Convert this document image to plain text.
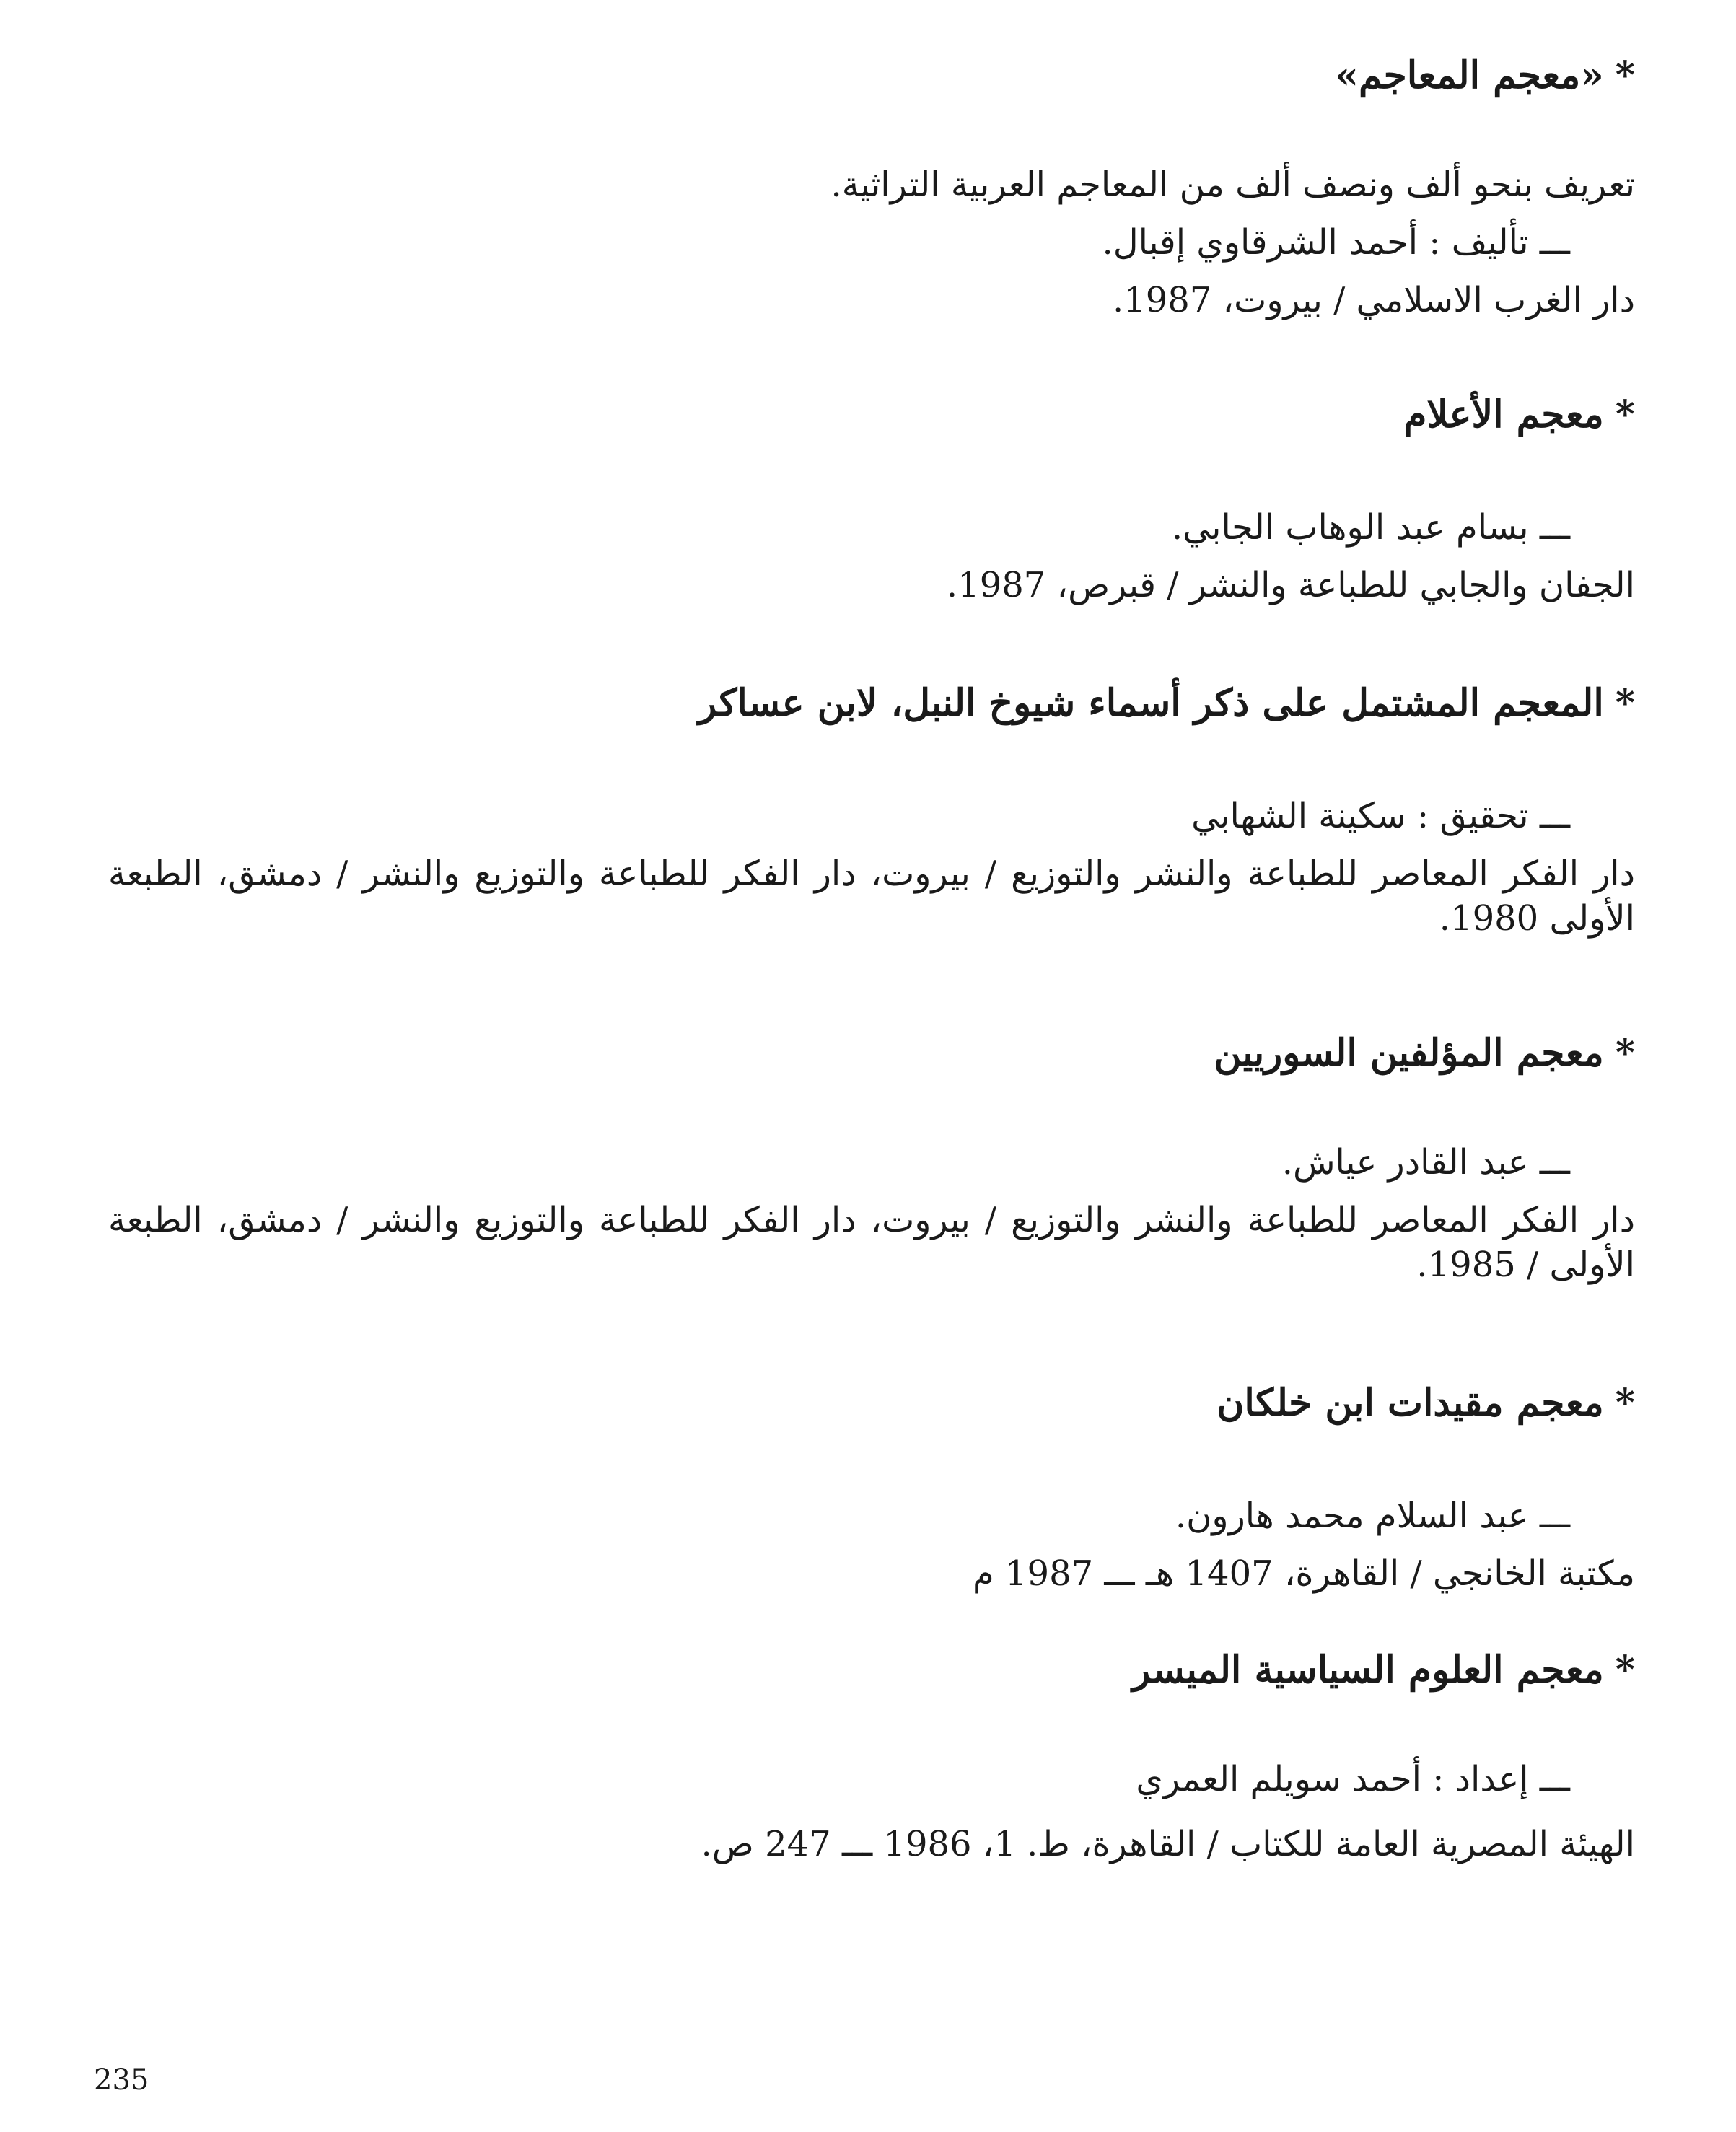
*«معجم المعاجم»
تعريف بنحو ألف ونصف ألف من المعاجم العربية التراثية.
ـــ تأليف : أحمد الشرقاوي إقبال.
دار الغرب الاسلامي / بيروت، 1987.
*معجم الأعلام
ـــ بسام عبد الوهاب الجابي.
الجفان والجابي للطباعة والنشر / قبرص، 1987.
*المعجم المشتمل على ذكر أسماء شيوخ النبل، لابن عساكر
ـــ تحقيق : سكينة الشهابي
دار الفكر المعاصر للطباعة والنشر والتوزيع / بيروت، دار الفكر للطباعة والتوزيع والنشر / دمشق، الطبعة الأولى 1980.
*معجم المؤلفين السوريين
ـــ عبد القادر عياش.
دار الفكر المعاصر للطباعة والنشر والتوزيع / بيروت، دار الفكر للطباعة والتوزيع والنشر / دمشق، الطبعة الأولى / 1985.
*معجم مقيدات ابن خلكان
ـــ عبد السلام محمد هارون.
مكتبة الخانجي / القاهرة، 1407 هـ ـــ 1987 م
*معجم العلوم السياسية الميسر
ـــ إعداد : أحمد سويلم العمري
الهيئة المصرية العامة للكتاب / القاهرة، ط. 1، 1986 ـــ 247 ص.
235
